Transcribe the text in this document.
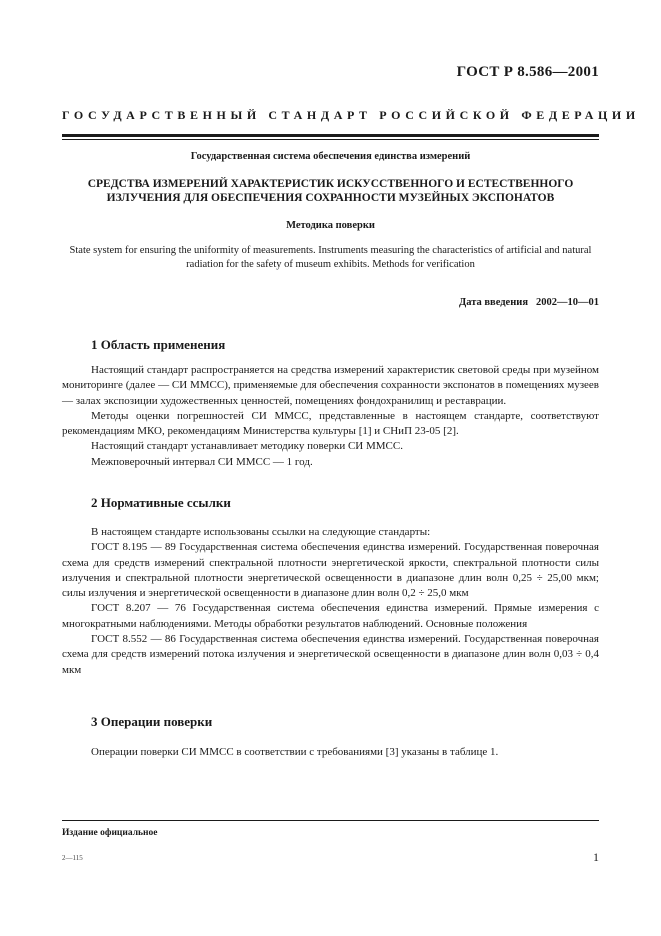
ГОСТ Р 8.586—2001
ГОСУДАРСТВЕННЫЙ СТАНДАРТ РОССИЙСКОЙ ФЕДЕРАЦИИ
Государственная система обеспечения единства измерений
СРЕДСТВА ИЗМЕРЕНИЙ ХАРАКТЕРИСТИК ИСКУССТВЕННОГО И ЕСТЕСТВЕННОГО ИЗЛУЧЕНИЯ ДЛЯ ОБЕСПЕЧЕНИЯ СОХРАННОСТИ МУЗЕЙНЫХ ЭКСПОНАТОВ
Методика поверки
State system for ensuring the uniformity of measurements. Instruments measuring the characteristics of artificial and natural radiation for the safety of museum exhibits. Methods for verification
Дата введения 2002—10—01
1 Область применения

Настоящий стандарт распространяется на средства измерений характеристик световой среды при музейном мониторинге (далее — СИ ММСС), применяемые для обеспечения сохранности экспонатов в помещениях музеев — залах экспозиции художественных ценностей, помещениях фондохранилищ и реставрации.

Методы оценки погрешностей СИ ММСС, представленные в настоящем стандарте, соответствуют рекомендациям МКО, рекомендациям Министерства культуры [1] и СНиП 23-05 [2].

Настоящий стандарт устанавливает методику поверки СИ ММСС.

Межповерочный интервал СИ ММСС — 1 год.

2 Нормативные ссылки

В настоящем стандарте использованы ссылки на следующие стандарты:

ГОСТ 8.195 — 89 Государственная система обеспечения единства измерений. Государственная поверочная схема для средств измерений спектральной плотности энергетической яркости, спектральной плотности силы излучения и спектральной плотности энергетической освещенности в диапазоне длин волн 0,25 ÷ 25,00 мкм; силы излучения и энергетической освещенности в диапазоне длин волн 0,2 ÷ 25,0 мкм

ГОСТ 8.207 — 76 Государственная система обеспечения единства измерений. Прямые измерения с многократными наблюдениями. Методы обработки результатов наблюдений. Основные положения

ГОСТ 8.552 — 86 Государственная система обеспечения единства измерений. Государственная поверочная схема для средств измерений потока излучения и энергетической освещенности в диапазоне длин волн 0,03 ÷ 0,4 мкм

3 Операции поверки

Операции поверки СИ ММСС в соответствии с требованиями [3] указаны в таблице 1.

Издание официальное
2—115	1
